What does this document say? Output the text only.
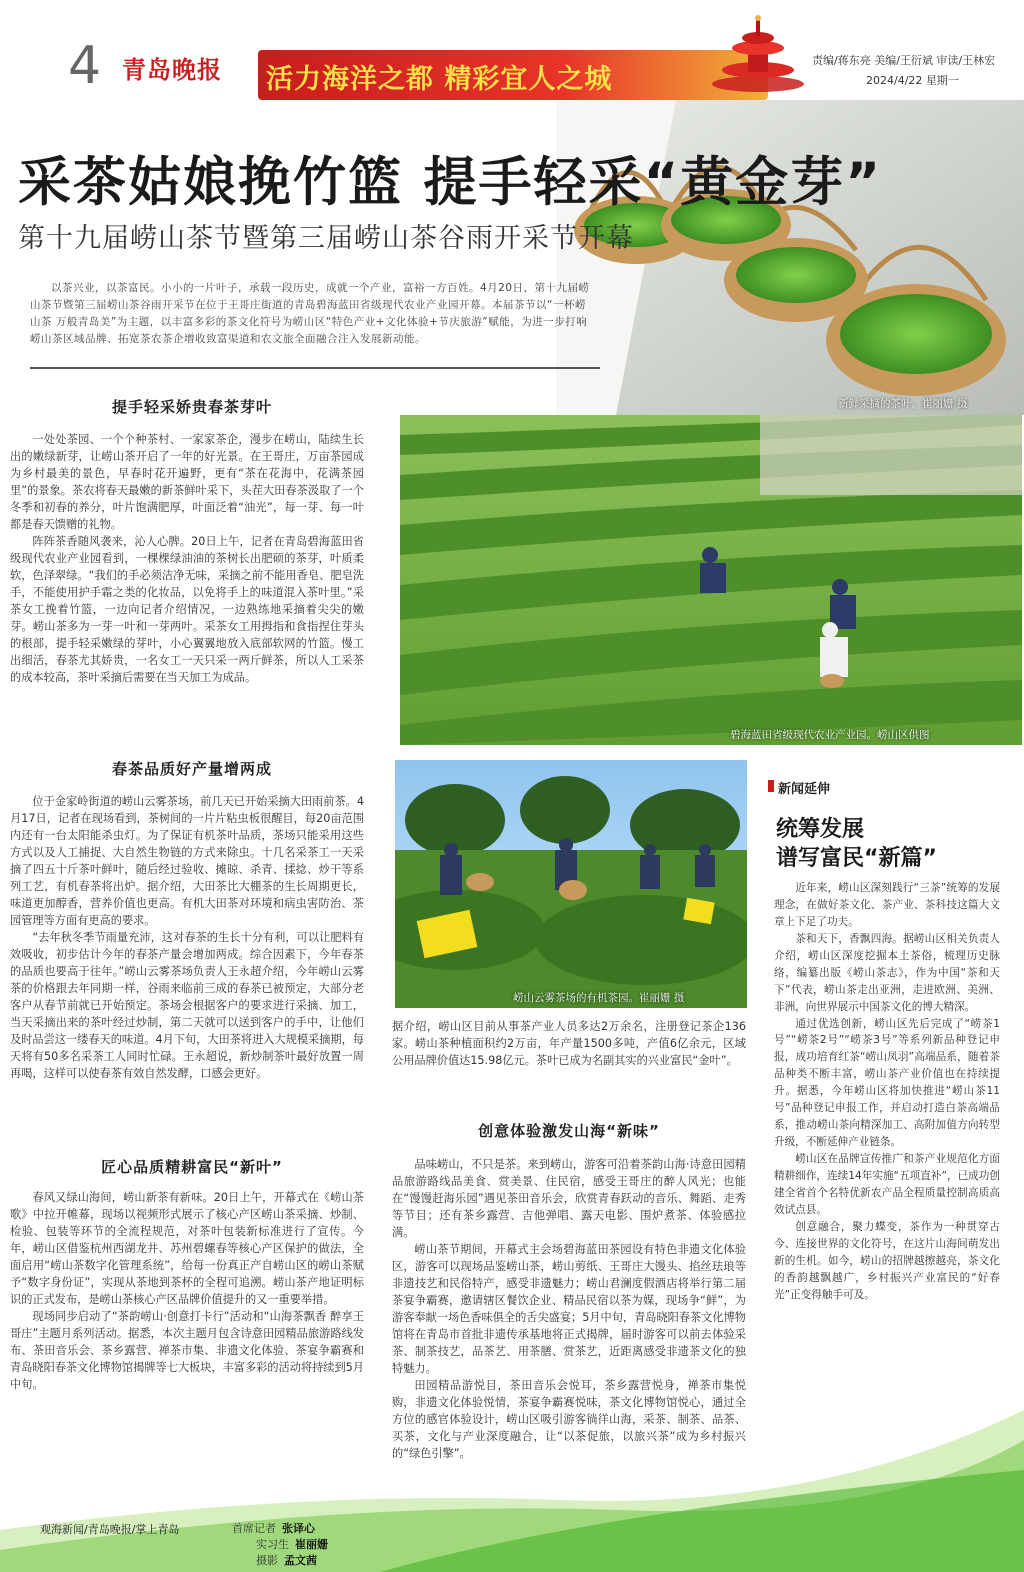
4 青岛晚报 活力海洋之都 精彩宜人之城
责编/蒋东亮 美编/王衍斌 审读/王林宏
2024/4/22 星期一
新鲜采摘的茶叶。崔丽姗 摄
采茶姑娘挽竹篮 提手轻采“黄金芽”
第十九届崂山茶节暨第三届崂山茶谷雨开采节开幕
以茶兴业，以茶富民。小小的一片叶子，承载一段历史，成就一个产业，富裕一方百姓。4月20日，第十九届崂山茶节暨第三届崂山茶谷雨开采节在位于王哥庄街道的青岛碧海蓝田省级现代农业产业园开幕。本届茶节以“一杯崂山茶 万般青岛美”为主题，以丰富多彩的茶文化符号为崂山区“特色产业+文化体验+节庆旅游”赋能，为进一步打响崂山茶区域品牌、拓宽茶农茶企增收致富渠道和农文旅全面融合注入发展新动能。
碧海蓝田省级现代农业产业园。崂山区供图
崂山云雾茶场的有机茶园。崔丽姗 摄
提手轻采娇贵春茶芽叶

一处处茶园、一个个种茶村、一家家茶企，漫步在崂山，陆续生长出的嫩绿新芽，让崂山茶开启了一年的好光景。在王哥庄，万亩茶园成为乡村最美的景色，早春时花开遍野，更有“茶在花海中，花满茶园里”的景象。茶农将春天最嫩的新茶鲜叶采下，头茬大田春茶汲取了一个冬季和初春的养分，叶片饱满肥厚，叶面泛着“油光”，每一芽、每一叶都是春天馈赠的礼物。

阵阵茶香随风袭来，沁人心脾。20日上午，记者在青岛碧海蓝田省级现代农业产业园看到，一棵棵绿油油的茶树长出肥硕的茶芽，叶质柔软，色泽翠绿。“我们的手必须洁净无味，采摘之前不能用香皂、肥皂洗手，不能使用护手霜之类的化妆品，以免将手上的味道混入茶叶里。”采茶女工挽着竹篮，一边向记者介绍情况，一边熟练地采摘着尖尖的嫩芽。崂山茶多为一芽一叶和一芽两叶。采茶女工用拇指和食指捏住芽头的根部，提手轻采嫩绿的芽叶，小心翼翼地放入底部软网的竹篮。慢工出细活，春茶尤其娇贵，一名女工一天只采一两斤鲜茶，所以人工采茶的成本较高，茶叶采摘后需要在当天加工为成品。

春茶品质好产量增两成

位于金家岭街道的崂山云雾茶场，前几天已开始采摘大田雨前茶。4月17日，记者在现场看到，茶树间的一片片粘虫板很醒目，每20亩范围内还有一台太阳能杀虫灯。为了保证有机茶叶品质，茶场只能采用这些方式以及人工捕捉、大自然生物链的方式来除虫。十几名采茶工一天采摘了四五十斤茶叶鲜叶，随后经过验收、摊晾、杀青、揉捻、炒干等系列工艺，有机春茶将出炉。据介绍，大田茶比大棚茶的生长周期更长，味道更加醇香，营养价值也更高。有机大田茶对环境和病虫害防治、茶园管理等方面有更高的要求。

“去年秋冬季节雨量充沛，这对春茶的生长十分有利，可以让肥料有效吸收，初步估计今年的春茶产量会增加两成。综合因素下，今年春茶的品质也要高于往年。”崂山云雾茶场负责人王永超介绍，今年崂山云雾茶的价格跟去年同期一样，谷雨来临前三成的春茶已被预定，大部分老客户从春节前就已开始预定。茶场会根据客户的要求进行采摘、加工，当天采摘出来的茶叶经过炒制，第二天就可以送到客户的手中，让他们及时品尝这一缕春天的味道。4月下旬，大田茶将进入大规模采摘期，每天将有50多名采茶工人同时忙碌。王永超说，新炒制茶叶最好放置一周再喝，这样可以使春茶有效自然发酵，口感会更好。

匠心品质精耕富民“新叶”

春风又绿山海间，崂山新茶有新味。20日上午，开幕式在《崂山茶歌》中拉开帷幕，现场以视频形式展示了核心产区崂山茶采摘、炒制、检验、包装等环节的全流程规范，对茶叶包装新标准进行了宣传。今年，崂山区借鉴杭州西湖龙井、苏州碧螺春等核心产区保护的做法，全面启用“崂山茶数字化管理系统”，给每一份真正产自崂山区的崂山茶赋予“数字身份证”，实现从茶地到茶杯的全程可追溯。崂山茶产地证明标识的正式发布，是崂山茶核心产区品牌价值提升的又一重要举措。

现场同步启动了“茶韵崂山·创意打卡行”活动和“山海茶飘香 醉享王哥庄”主题月系列活动。据悉，本次主题月包含诗意田园精品旅游路线发布、茶田音乐会、茶乡露营、禅茶市集、非遗文化体验、茶宴争霸赛和青岛晓阳春茶文化博物馆揭牌等七大板块，丰富多彩的活动将持续到5月中旬。

据介绍，崂山区目前从事茶产业人员多达2万余名，注册登记茶企136家。崂山茶种植面积约2万亩，年产量1500多吨，产值6亿余元，区域公用品牌价值达15.98亿元。茶叶已成为名副其实的兴业富民“金叶”。
创意体验激发山海“新味”

品味崂山，不只是茶。来到崂山，游客可沿着茶韵山海·诗意田园精品旅游路线品美食、赏美景、住民宿，感受王哥庄的醉人风光；也能在“馒馒赶海乐园”遇见茶田音乐会，欣赏青春跃动的音乐、舞蹈、走秀等节目；还有茶乡露营、吉他弹唱、露天电影、围炉煮茶、体验感拉满。

崂山茶节期间，开幕式主会场碧海蓝田茶园设有特色非遗文化体验区，游客可以现场品鉴崂山茶，崂山剪纸、王哥庄大馒头、掐丝珐琅等非遗技艺和民俗特产，感受非遗魅力；崂山君澜度假酒店将举行第二届茶宴争霸赛，邀请辖区餐饮企业、精品民宿以茶为媒，现场争“鲜”，为游客奉献一场色香味俱全的舌尖盛宴；5月中旬，青岛晓阳春茶文化博物馆将在青岛市首批非遗传承基地将正式揭牌，届时游客可以前去体验采茶、制茶技艺，品茶艺、用茶膳、赏茶艺，近距离感受非遗茶文化的独特魅力。

田园精品游悦目，茶田音乐会悦耳，茶乡露营悦身，禅茶市集悦购，非遗文化体验悦情，茶宴争霸赛悦味，茶文化博物馆悦心，通过全方位的感官体验设计，崂山区吸引游客徜徉山海，采茶、制茶、品茶、买茶，文化与产业深度融合，让“以茶促旅，以旅兴茶”成为乡村振兴的“绿色引擎”。

新闻延伸
统筹发展
谱写富民“新篇”

近年来，崂山区深刻践行“三茶”统筹的发展理念，在做好茶文化、茶产业、茶科技这篇大文章上下足了功夫。

茶和天下，香飘四海。据崂山区相关负责人介绍，崂山区深度挖掘本土茶俗，梳理历史脉络，编纂出版《崂山茶志》，作为中国“茶和天下”代表，崂山茶走出亚洲，走进欧洲、美洲、非洲，向世界展示中国茶文化的博大精深。

通过优选创新，崂山区先后完成了“崂茶1号”“崂茶2号”“崂茶3号”等系列新品种登记申报，成功培育红茶“崂山凤羽”高端品系，随着茶品种类不断丰富，崂山茶产业价值也在持续提升。据悉，今年崂山区将加快推进“崂山茶11号”品种登记申报工作，并启动打造白茶高端品系，推动崂山茶向精深加工、高附加值方向转型升级，不断延伸产业链条。

崂山区在品牌宣传推广和茶产业规范化方面精耕细作，连续14年实施“五项直补”，已成功创建全省首个名特优新农产品全程质量控制高质高效试点县。

创意融合，聚力蝶变，茶作为一种贯穿古今、连接世界的文化符号，在这片山海间萌发出新的生机。如今，崂山的招牌越擦越亮，茶文化的香韵越飘越广，乡村振兴产业富民的“好春光”正变得触手可及。

观海新闻/青岛晚报/掌上青岛	首席记者 张译心
实习生 崔丽姗
摄影 孟文茜
